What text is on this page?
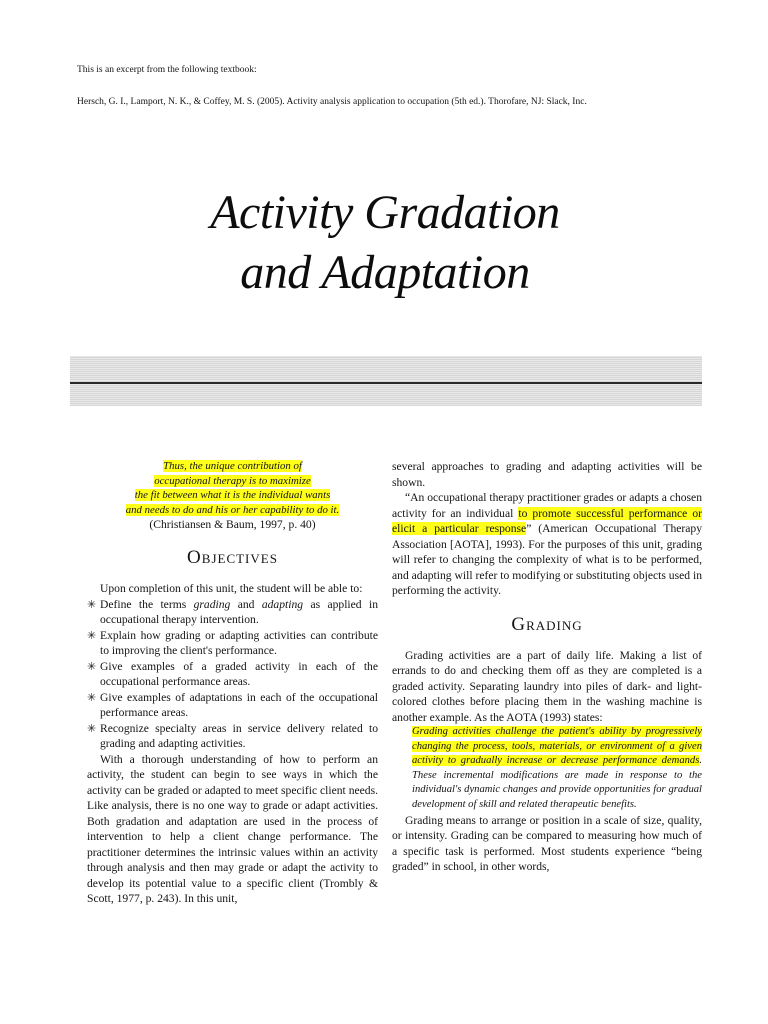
This is an excerpt from the following textbook:
Hersch, G. I., Lamport, N. K., & Coffey, M. S. (2005). Activity analysis application to occupation (5th ed.). Thorofare, NJ: Slack, Inc.
Activity Gradation
and Adaptation
Thus, the unique contribution of
occupational therapy is to maximize
the fit between what it is the individual wants
and needs to do and his or her capability to do it.
(Christiansen & Baum, 1997, p. 40)
Objectives

Upon completion of this unit, the student will be able to:

✳ Define the terms grading and adapting as applied in occupational therapy intervention.
✳ Explain how grading or adapting activities can contribute to improving the client's performance.
✳ Give examples of a graded activity in each of the occupational performance areas.
✳ Give examples of adaptations in each of the occupational performance areas.
✳ Recognize specialty areas in service delivery related to grading and adapting activities.

With a thorough understanding of how to perform an activity, the student can begin to see ways in which the activity can be graded or adapted to meet specific client needs. Like analysis, there is no one way to grade or adapt activities. Both gradation and adaptation are used in the process of intervention to help a client change performance. The practitioner determines the intrinsic values within an activity through analysis and then may grade or adapt the activity to develop its potential value to a specific client (Trombly & Scott, 1977, p. 243). In this unit,

several approaches to grading and adapting activities will be shown.

“An occupational therapy practitioner grades or adapts a chosen activity for an individual to promote successful performance or elicit a particular response” (American Occupational Therapy Association [AOTA], 1993). For the purposes of this unit, grading will refer to changing the complexity of what is to be performed, and adapting will refer to modifying or substituting objects used in performing the activity.

Grading

Grading activities are a part of daily life. Making a list of errands to do and checking them off as they are completed is a graded activity. Separating laundry into piles of dark- and light-colored clothes before placing them in the washing machine is another example. As the AOTA (1993) states:

Grading activities challenge the patient's ability by progressively changing the process, tools, materials, or environment of a given activity to gradually increase or decrease performance demands. These incremental modifications are made in response to the individual's dynamic changes and provide opportunities for gradual development of skill and related therapeutic benefits.

Grading means to arrange or position in a scale of size, quality, or intensity. Grading can be compared to measuring how much of a specific task is performed. Most students experience “being graded” in school, in other words,
